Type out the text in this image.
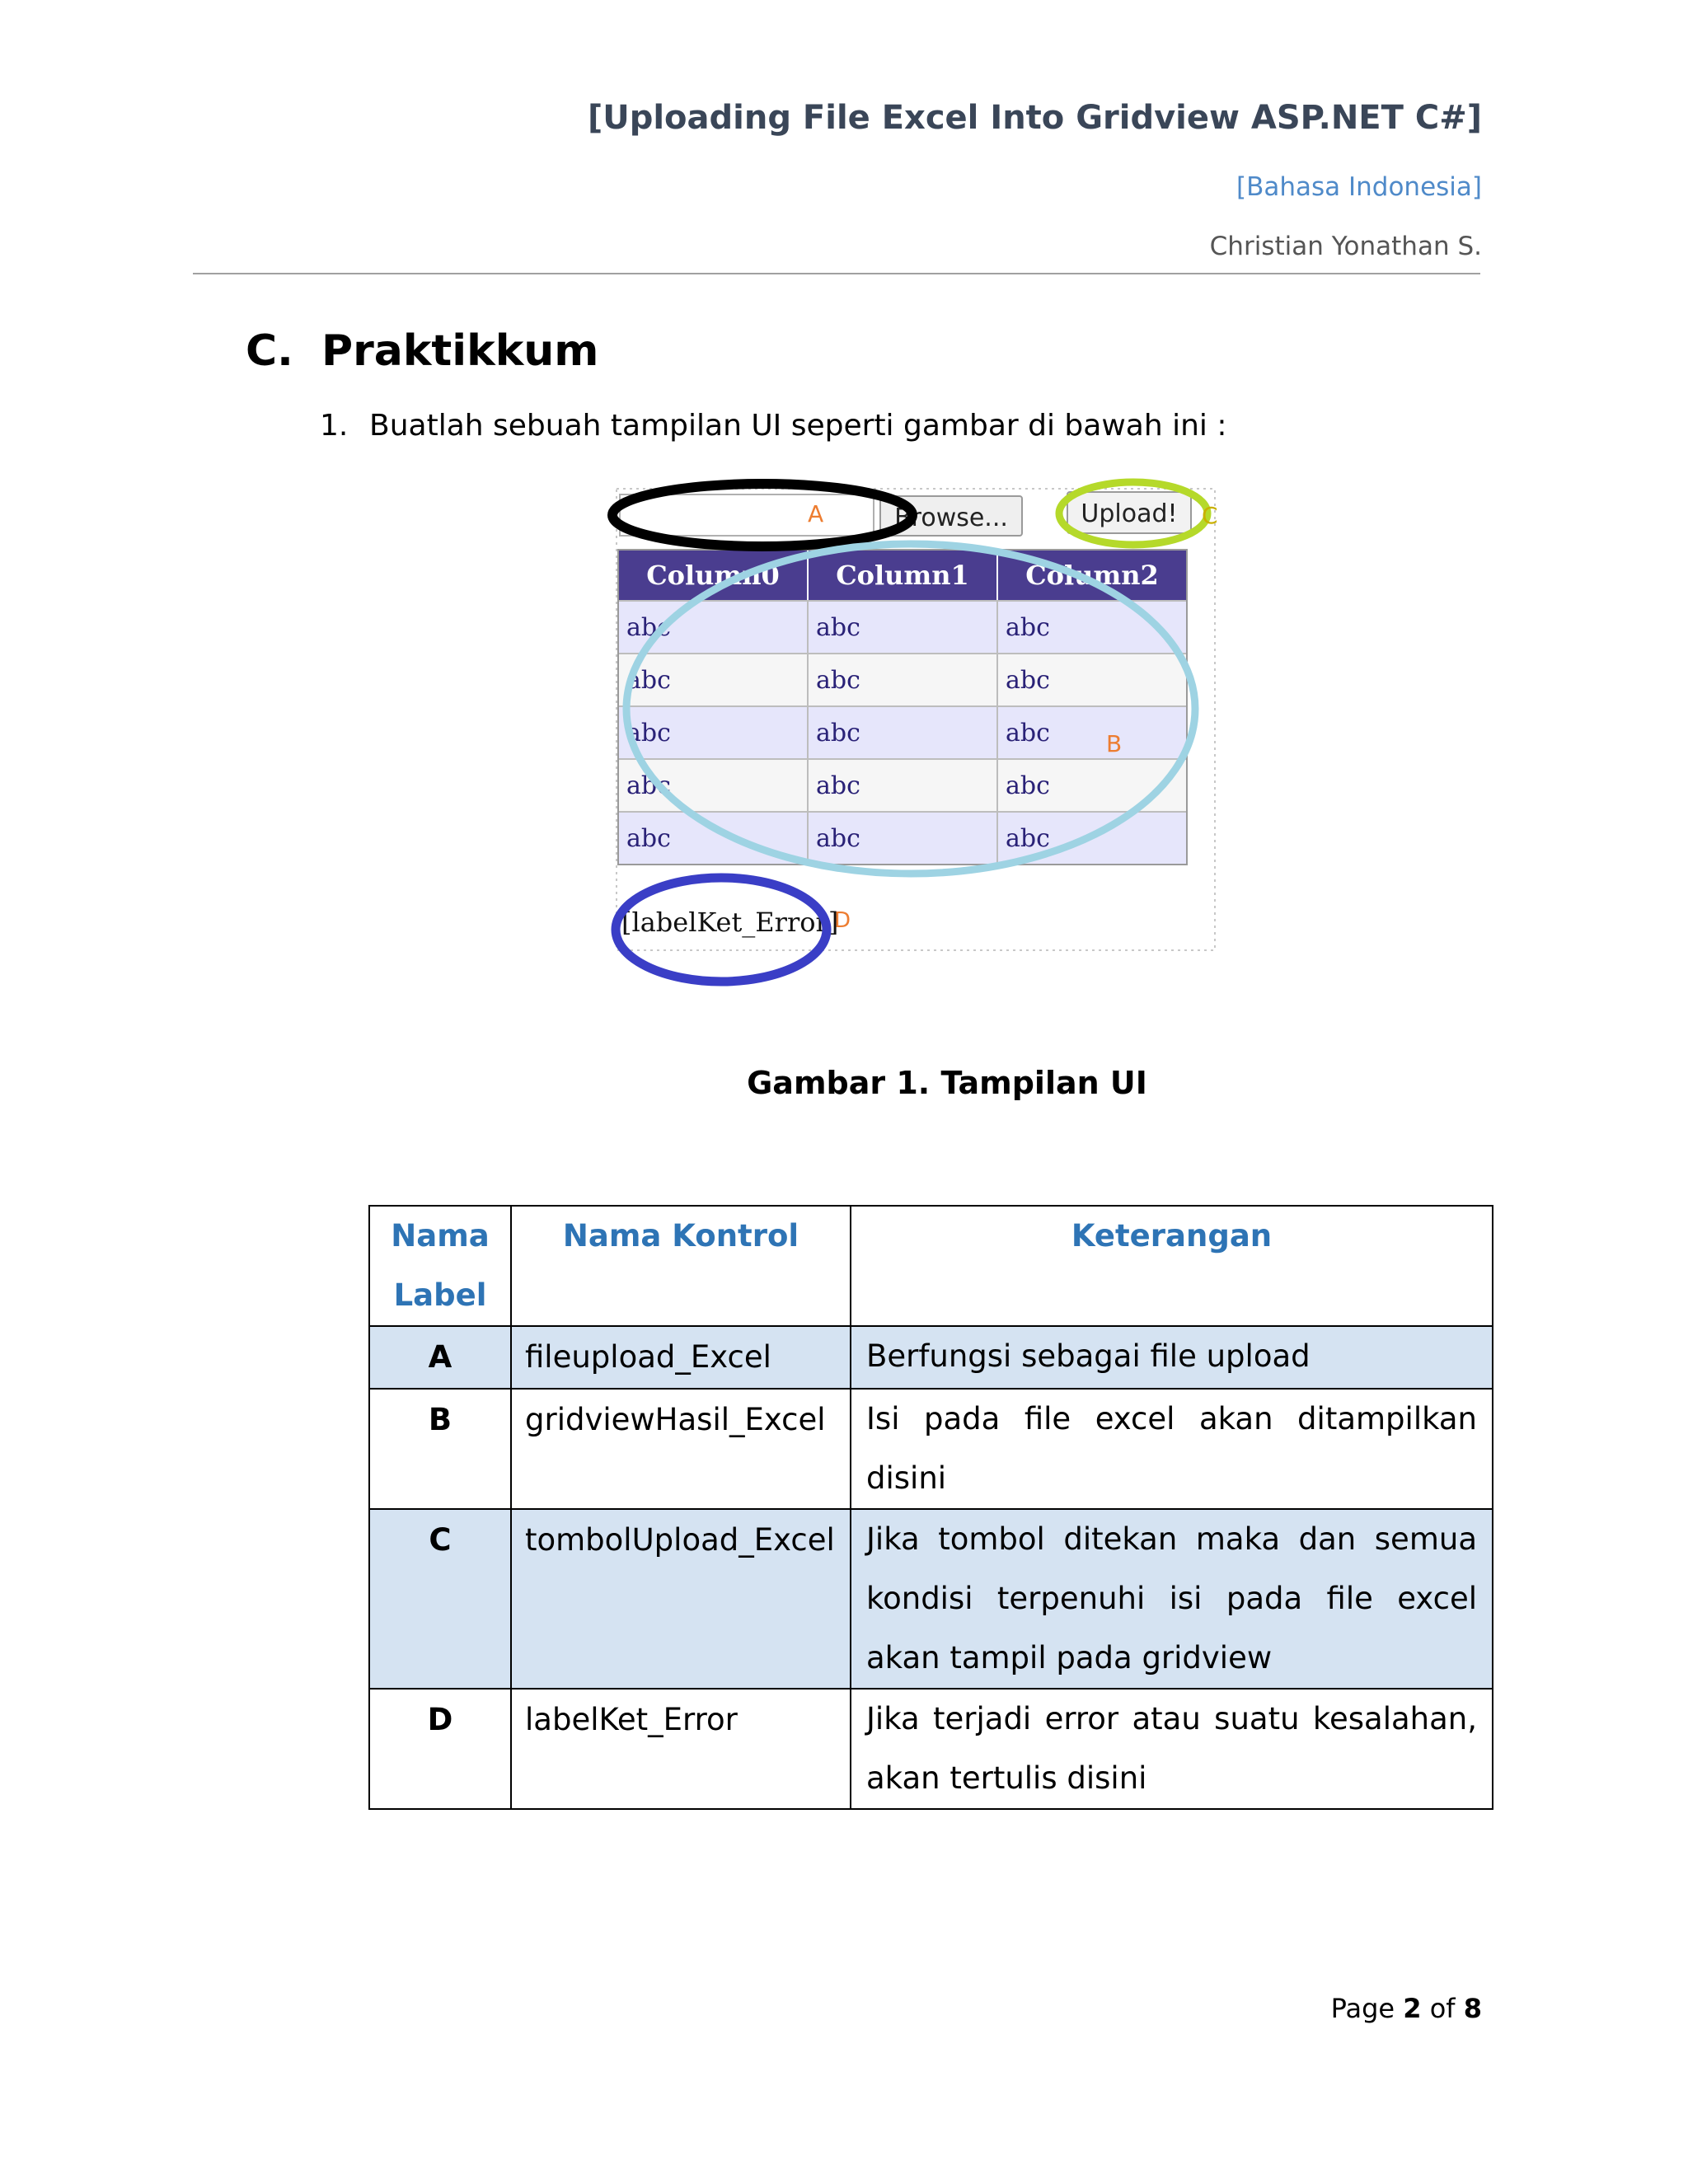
[Uploading File Excel Into Gridview ASP.NET C#]
[Bahasa Indonesia]
Christian Yonathan S.
C. Praktikkum
1. Buatlah sebuah tampilan UI seperti gambar di bawah ini :
Browse...	Upload!
Column0 Column1 Column2
abc	abc	abc
abc	abc	abc
abc	abc	abc
abc	abc	abc
abc	abc	abc
[labelKet_Error]
A	C
B
D
Gambar 1. Tampilan UI
Nama Label	Nama Kontrol	Keterangan
A	fileupload_Excel	Berfungsi sebagai file upload
B	gridviewHasil_Excel	Isi pada file excel akan ditampilkan disini
C	tombolUpload_Excel	Jika tombol ditekan maka dan semua kondisi terpenuhi isi pada file excel akan tampil pada gridview
D	labelKet_Error	Jika terjadi error atau suatu kesalahan, akan tertulis disini
Page 2 of 8
